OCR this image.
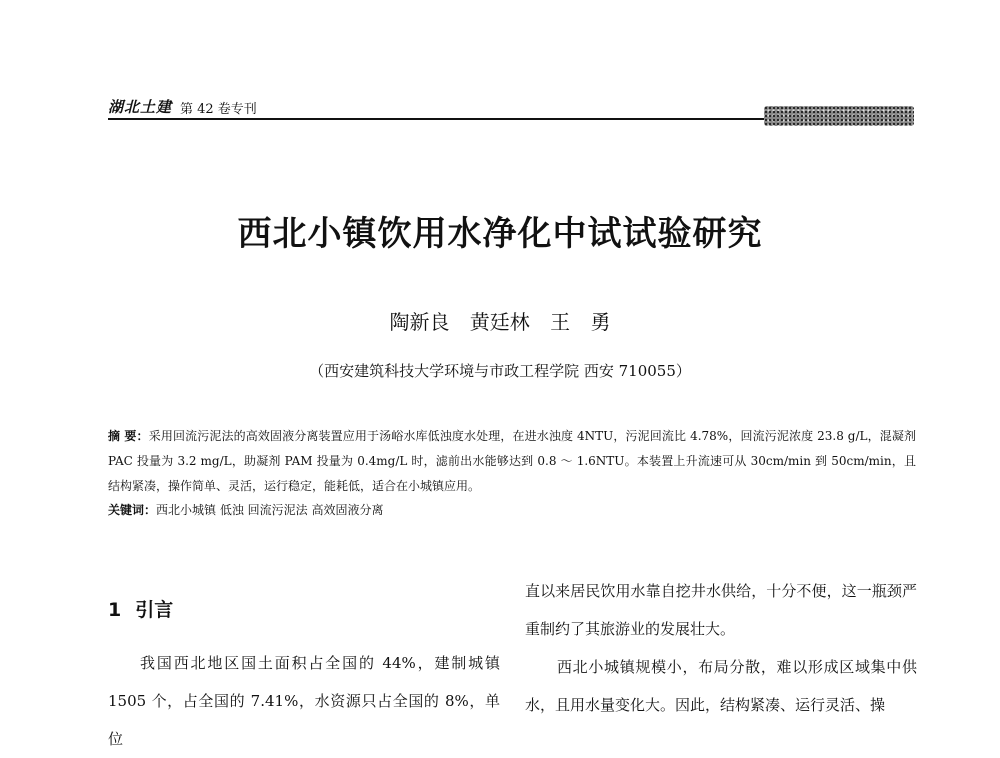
湖北土建 第 42 卷专刊
西北小镇饮用水净化中试试验研究
陶新良 黄廷林 王 勇
（西安建筑科技大学环境与市政工程学院 西安 710055）
摘 要：采用回流污泥法的高效固液分离装置应用于汤峪水库低浊度水处理，在进水浊度 4NTU，污泥回流比 4.78%，回流污泥浓度 23.8 g/L，混凝剂 PAC 投量为 3.2 mg/L，助凝剂 PAM 投量为 0.4mg/L 时，滤前出水能够达到 0.8 ～ 1.6NTU。本装置上升流速可从 30cm/min 到 50cm/min，且结构紧凑，操作简单、灵活，运行稳定，能耗低，适合在小城镇应用。
关键词：西北小城镇 低浊 回流污泥法 高效固液分离
1 引言

我国西北地区国土面积占全国的 44%，建制城镇 1505 个，占全国的 7.41%，水资源只占全国的 8%，单位

直以来居民饮用水靠自挖井水供给，十分不便，这一瓶颈严重制约了其旅游业的发展壮大。

西北小城镇规模小，布局分散，难以形成区域集中供水，且用水量变化大。因此，结构紧凑、运行灵活、操
